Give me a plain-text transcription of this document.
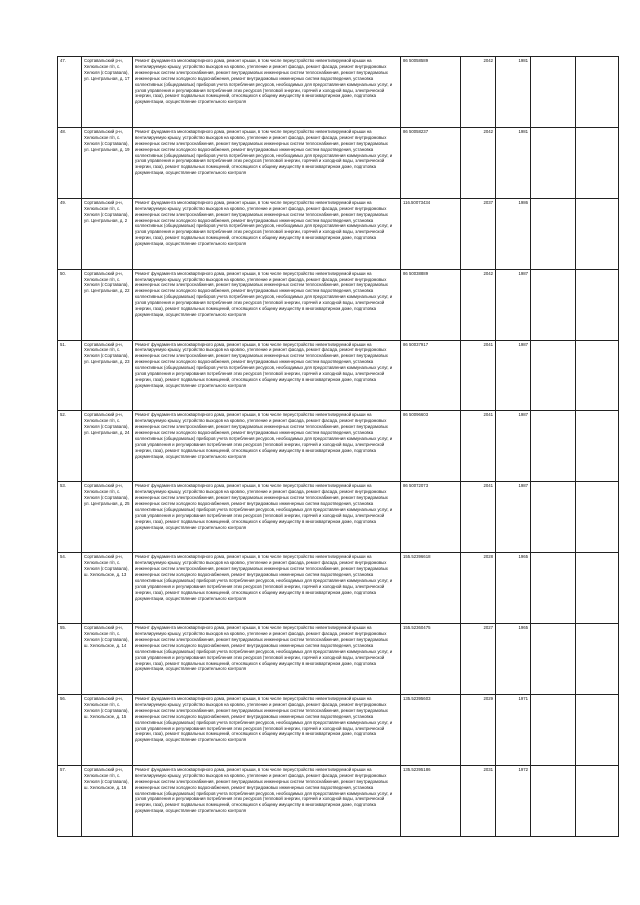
47.	Сортавальский р-н, Хелюльское г/п, с. Хелюля (г.Сортавала), ул. Центральная, д. 17	Ремонт фундамента многоквартирного дома, ремонт крыши, в том числе переустройство невентилируемой крыши на вентилируемую крышу, устройство выходов на кровлю, утепление и ремонт фасада, ремонт фасада, ремонт внутридомовых инженерных систем электроснабжения, ремонт внутридомовых инженерных систем теплоснабжения, ремонт внутридомовых инженерных систем холодного водоснабжения, ремонт внутридомовых инженерных систем водоотведения, установка коллективных (общедомовых) приборов учета потребления ресурсов, необходимых для предоставления коммунальных услуг, и узлов управления и регулирования потребления этих ресурсов (тепловой энергии, горячей и холодной воды, электрической энергии, газа), ремонт подвальных помещений, относящихся к общему имуществу в многоквартирном доме, подготовка документации, осуществление строительного контроля	86 50058589	2042	1981		
48.	Сортавальский р-н, Хелюльское г/п, с. Хелюля (г.Сортавала), ул. Центральная, д. 19	Ремонт фундамента многоквартирного дома, ремонт крыши, в том числе переустройство невентилируемой крыши на вентилируемую крышу, устройство выходов на кровлю, утепление и ремонт фасада, ремонт фасада, ремонт внутридомовых инженерных систем электроснабжения, ремонт внутридомовых инженерных систем теплоснабжения, ремонт внутридомовых инженерных систем холодного водоснабжения, ремонт внутридомовых инженерных систем водоотведения, установка коллективных (общедомовых) приборов учета потребления ресурсов, необходимых для предоставления коммунальных услуг, и узлов управления и регулирования потребления этих ресурсов (тепловой энергии, горячей и холодной воды, электрической энергии, газа), ремонт подвальных помещений, относящихся к общему имуществу в многоквартирном доме, подготовка документации, осуществление строительного контроля	86 50058237	2042	1981		
49.	Сортавальский р-н, Хелюльское г/п, с. Хелюля (г.Сортавала), ул. Центральная, д. 2	Ремонт фундамента многоквартирного дома, ремонт крыши, в том числе переустройство невентилируемой крыши на вентилируемую крышу, устройство выходов на кровлю, утепление и ремонт фасада, ремонт фасада, ремонт внутридомовых инженерных систем электроснабжения, ремонт внутридомовых инженерных систем теплоснабжения, ремонт внутридомовых инженерных систем холодного водоснабжения, ремонт внутридомовых инженерных систем водоотведения, установка коллективных (общедомовых) приборов учета потребления ресурсов, необходимых для предоставления коммунальных услуг, и узлов управления и регулирования потребления этих ресурсов (тепловой энергии, горячей и холодной воды, электрической энергии, газа), ремонт подвальных помещений, относящихся к общему имуществу в многоквартирном доме, подготовка документации, осуществление строительного контроля	116.50073434	2037	1986		
50.	Сортавальский р-н, Хелюльское г/п, с. Хелюля (г.Сортавала), ул. Центральная, д. 22	Ремонт фундамента многоквартирного дома, ремонт крыши, в том числе переустройство невентилируемой крыши на вентилируемую крышу, устройство выходов на кровлю, утепление и ремонт фасада, ремонт фасада, ремонт внутридомовых инженерных систем электроснабжения, ремонт внутридомовых инженерных систем теплоснабжения, ремонт внутридомовых инженерных систем холодного водоснабжения, ремонт внутридомовых инженерных систем водоотведения, установка коллективных (общедомовых) приборов учета потребления ресурсов, необходимых для предоставления коммунальных услуг, и узлов управления и регулирования потребления этих ресурсов (тепловой энергии, горячей и холодной воды, электрической энергии, газа), ремонт подвальных помещений, относящихся к общему имуществу в многоквартирном доме, подготовка документации, осуществление строительного контроля	86 50038889	2042	1987		
51.	Сортавальский р-н, Хелюльское г/п, с. Хелюля (г.Сортавала), ул. Центральная, д. 23	Ремонт фундамента многоквартирного дома, ремонт крыши, в том числе переустройство невентилируемой крыши на вентилируемую крышу, устройство выходов на кровлю, утепление и ремонт фасада, ремонт фасада, ремонт внутридомовых инженерных систем электроснабжения, ремонт внутридомовых инженерных систем теплоснабжения, ремонт внутридомовых инженерных систем холодного водоснабжения, ремонт внутридомовых инженерных систем водоотведения, установка коллективных (общедомовых) приборов учета потребления ресурсов, необходимых для предоставления коммунальных услуг, и узлов управления и регулирования потребления этих ресурсов (тепловой энергии, горячей и холодной воды, электрической энергии, газа), ремонт подвальных помещений, относящихся к общему имуществу в многоквартирном доме, подготовка документации, осуществление строительного контроля	86 50037917	2041	1987		
52.	Сортавальский р-н, Хелюльское г/п, с. Хелюля (г.Сортавала), ул. Центральная, д. 24	Ремонт фундамента многоквартирного дома, ремонт крыши, в том числе переустройство невентилируемой крыши на вентилируемую крышу, устройство выходов на кровлю, утепление и ремонт фасада, ремонт фасада, ремонт внутридомовых инженерных систем электроснабжения, ремонт внутридомовых инженерных систем теплоснабжения, ремонт внутридомовых инженерных систем холодного водоснабжения, ремонт внутридомовых инженерных систем водоотведения, установка коллективных (общедомовых) приборов учета потребления ресурсов, необходимых для предоставления коммунальных услуг, и узлов управления и регулирования потребления этих ресурсов (тепловой энергии, горячей и холодной воды, электрической энергии, газа), ремонт подвальных помещений, относящихся к общему имуществу в многоквартирном доме, подготовка документации, осуществление строительного контроля	86 50096603	2041	1987		
53.	Сортавальский р-н, Хелюльское г/п, с. Хелюля (г.Сортавала), ул. Центральная, д. 25	Ремонт фундамента многоквартирного дома, ремонт крыши, в том числе переустройство невентилируемой крыши на вентилируемую крышу, устройство выходов на кровлю, утепление и ремонт фасада, ремонт фасада, ремонт внутридомовых инженерных систем электроснабжения, ремонт внутридомовых инженерных систем теплоснабжения, ремонт внутридомовых инженерных систем холодного водоснабжения, ремонт внутридомовых инженерных систем водоотведения, установка коллективных (общедомовых) приборов учета потребления ресурсов, необходимых для предоставления коммунальных услуг, и узлов управления и регулирования потребления этих ресурсов (тепловой энергии, горячей и холодной воды, электрической энергии, газа), ремонт подвальных помещений, относящихся к общему имуществу в многоквартирном доме, подготовка документации, осуществление строительного контроля	86 50072073	2041	1987		
54.	Сортавальский р-н, Хелюльское г/п, с. Хелюля (г.Сортавала), ш. Хелюльское, д. 13	Ремонт фундамента многоквартирного дома, ремонт крыши, в том числе переустройство невентилируемой крыши на вентилируемую крышу, устройство выходов на кровлю, утепление и ремонт фасада, ремонт фасада, ремонт внутридомовых инженерных систем электроснабжения, ремонт внутридомовых инженерных систем теплоснабжения, ремонт внутридомовых инженерных систем холодного водоснабжения, ремонт внутридомовых инженерных систем водоотведения, установка коллективных (общедомовых) приборов учета потребления ресурсов, необходимых для предоставления коммунальных услуг, и узлов управления и регулирования потребления этих ресурсов (тепловой энергии, горячей и холодной воды, электрической энергии, газа), ремонт подвальных помещений, относящихся к общему имуществу в многоквартирном доме, подготовка документации, осуществление строительного контроля	155.52396618	2028	1965		
55.	Сортавальский р-н, Хелюльское г/п, с. Хелюля (г.Сортавала), ш. Хелюльское, д. 14	Ремонт фундамента многоквартирного дома, ремонт крыши, в том числе переустройство невентилируемой крыши на вентилируемую крышу, устройство выходов на кровлю, утепление и ремонт фасада, ремонт фасада, ремонт внутридомовых инженерных систем электроснабжения, ремонт внутридомовых инженерных систем теплоснабжения, ремонт внутридомовых инженерных систем холодного водоснабжения, ремонт внутридомовых инженерных систем водоотведения, установка коллективных (общедомовых) приборов учета потребления ресурсов, необходимых для предоставления коммунальных услуг, и узлов управления и регулирования потребления этих ресурсов (тепловой энергии, горячей и холодной воды, электрической энергии, газа), ремонт подвальных помещений, относящихся к общему имуществу в многоквартирном доме, подготовка документации, осуществление строительного контроля	155.52360475	2027	1965		
56.	Сортавальский р-н, Хелюльское г/п, с. Хелюля (г.Сортавала), ш. Хелюльское, д. 15	Ремонт фундамента многоквартирного дома, ремонт крыши, в том числе переустройство невентилируемой крыши на вентилируемую крышу, устройство выходов на кровлю, утепление и ремонт фасада, ремонт фасада, ремонт внутридомовых инженерных систем электроснабжения, ремонт внутридомовых инженерных систем теплоснабжения, ремонт внутридомовых инженерных систем холодного водоснабжения, ремонт внутридомовых инженерных систем водоотведения, установка коллективных (общедомовых) приборов учета потребления ресурсов, необходимых для предоставления коммунальных услуг, и узлов управления и регулирования потребления этих ресурсов (тепловой энергии, горячей и холодной воды, электрической энергии, газа), ремонт подвальных помещений, относящихся к общему имуществу в многоквартирном доме, подготовка документации, осуществление строительного контроля	135.52395603	2029	1971		
57.	Сортавальский р-н, Хелюльское г/п, с. Хелюля (г.Сортавала), ш. Хелюльское, д. 16	Ремонт фундамента многоквартирного дома, ремонт крыши, в том числе переустройство невентилируемой крыши на вентилируемую крышу, устройство выходов на кровлю, утепление и ремонт фасада, ремонт фасада, ремонт внутридомовых инженерных систем электроснабжения, ремонт внутридомовых инженерных систем теплоснабжения, ремонт внутридомовых инженерных систем холодного водоснабжения, ремонт внутридомовых инженерных систем водоотведения, установка коллективных (общедомовых) приборов учета потребления ресурсов, необходимых для предоставления коммунальных услуг, и узлов управления и регулирования потребления этих ресурсов (тепловой энергии, горячей и холодной воды, электрической энергии, газа), ремонт подвальных помещений, относящихся к общему имуществу в многоквартирном доме, подготовка документации, осуществление строительного контроля	135.52395186	2031	1972		
